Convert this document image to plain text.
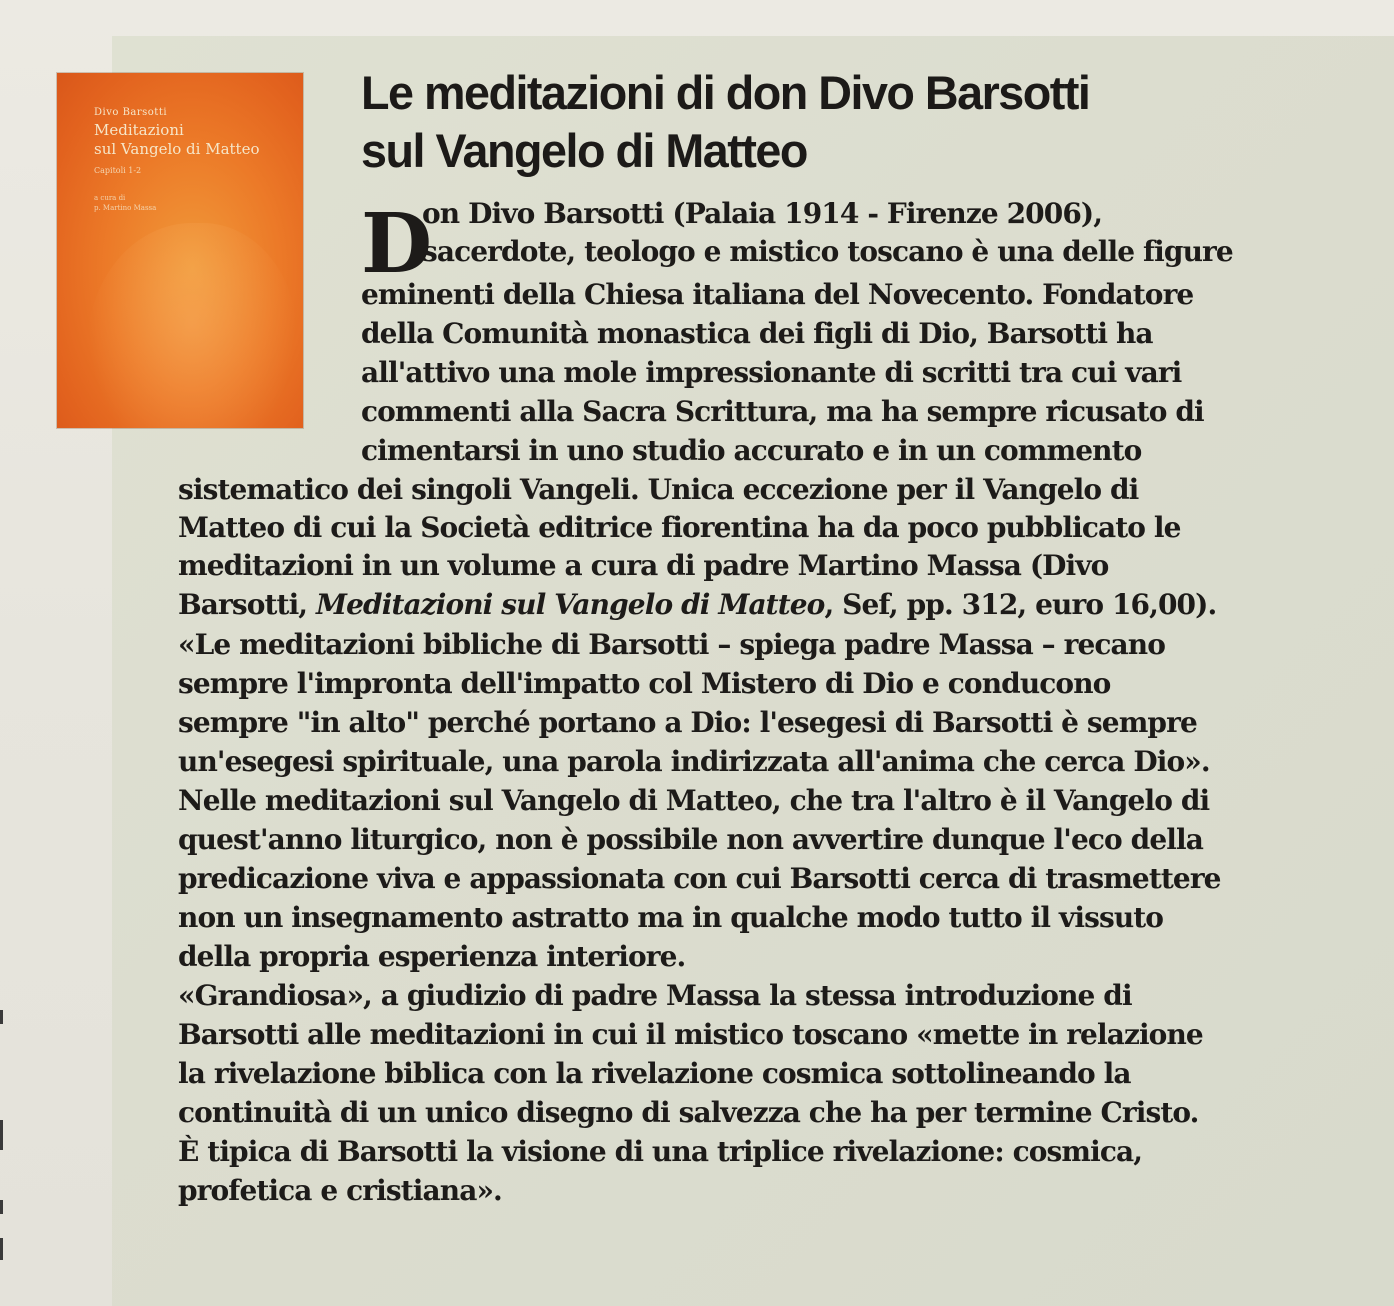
Divo Barsotti
Meditazioni
sul Vangelo di Matteo
Capitoli 1-2
a cura di
p. Martino Massa
Le meditazioni di don Divo Barsotti
sul Vangelo di Matteo
D
on Divo Barsotti (Palaia 1914 - Firenze 2006),
sacerdote, teologo e mistico toscano è una delle figure
eminenti della Chiesa italiana del Novecento. Fondatore
della Comunità monastica dei figli di Dio, Barsotti ha
all'attivo una mole impressionante di scritti tra cui vari
commenti alla Sacra Scrittura, ma ha sempre ricusato di
cimentarsi in uno studio accurato e in un commento
sistematico dei singoli Vangeli. Unica eccezione per il Vangelo di
Matteo di cui la Società editrice fiorentina ha da poco pubblicato le
meditazioni in un volume a cura di padre Martino Massa (Divo
Barsotti, Meditazioni sul Vangelo di Matteo, Sef, pp. 312, euro 16,00).
«Le meditazioni bibliche di Barsotti – spiega padre Massa – recano
sempre l'impronta dell'impatto col Mistero di Dio e conducono
sempre "in alto" perché portano a Dio: l'esegesi di Barsotti è sempre
un'esegesi spirituale, una parola indirizzata all'anima che cerca Dio».
Nelle meditazioni sul Vangelo di Matteo, che tra l'altro è il Vangelo di
quest'anno liturgico, non è possibile non avvertire dunque l'eco della
predicazione viva e appassionata con cui Barsotti cerca di trasmettere
non un insegnamento astratto ma in qualche modo tutto il vissuto
della propria esperienza interiore.
«Grandiosa», a giudizio di padre Massa la stessa introduzione di
Barsotti alle meditazioni in cui il mistico toscano «mette in relazione
la rivelazione biblica con la rivelazione cosmica sottolineando la
continuità di un unico disegno di salvezza che ha per termine Cristo.
È tipica di Barsotti la visione di una triplice rivelazione: cosmica,
profetica e cristiana».
